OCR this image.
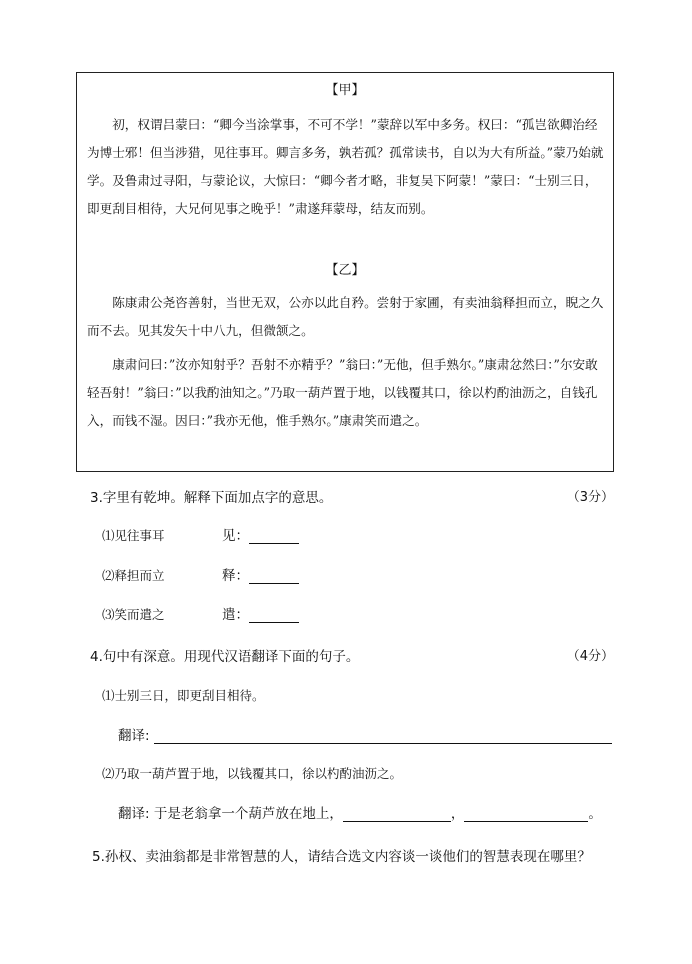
【甲】

初，权谓吕蒙曰：“卿今当涂掌事，不可不学！”蒙辞以军中多务。权曰：“孤岂欲卿治经为博士邪！但当涉猎，见往事耳。卿言多务，孰若孤？孤常读书，自以为大有所益。”蒙乃始就学。及鲁肃过寻阳，与蒙论议，大惊曰：“卿今者才略，非复吴下阿蒙！”蒙曰：“士别三日，即更刮目相待，大兄何见事之晚乎！”肃遂拜蒙母，结友而别。

【乙】

陈康肃公尧咨善射，当世无双，公亦以此自矜。尝射于家圃，有卖油翁释担而立，睨之久而不去。见其发矢十中八九，但微颔之。

康肃问曰：”汝亦知射乎？吾射不亦精乎？”翁曰：”无他，但手熟尔。”康肃忿然曰：”尔安敢轻吾射！”翁曰：”以我酌油知之。”乃取一葫芦置于地，以钱覆其口，徐以杓酌油沥之，自钱孔入，而钱不湿。因曰：”我亦无他，惟手熟尔。”康肃笑而遣之。

3.字里有乾坤。解释下面加点字的意思。	（3分）
⑴见往事耳	见：
⑵释担而立	释：
⑶笑而遣之	遣：
4.句中有深意。用现代汉语翻译下面的句子。	（4分）
⑴士别三日，即更刮目相待。
翻译:
⑵乃取一葫芦置于地，以钱覆其口，徐以杓酌油沥之。
翻译: 于是老翁拿一个葫芦放在地上，	，	。
5.孙权、卖油翁都是非常智慧的人，请结合选文内容谈一谈他们的智慧表现在哪里？
